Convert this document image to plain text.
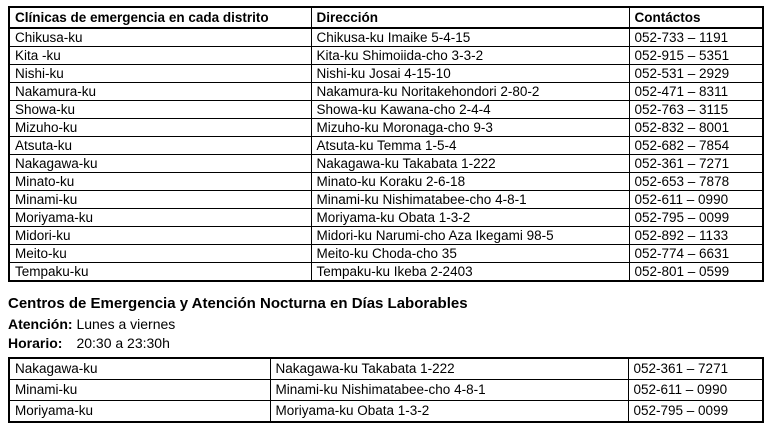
Clínicas de emergencia en cada distrito	Dirección	Contáctos
Chikusa-ku	Chikusa-ku Imaike 5-4-15	052-733 – 1191
Kita -ku	Kita-ku Shimoiida-cho 3-3-2	052-915 – 5351
Nishi-ku	Nishi-ku Josai 4-15-10	052-531 – 2929
Nakamura-ku	Nakamura-ku Noritakehondori 2-80-2	052-471 – 8311
Showa-ku	Showa-ku Kawana-cho 2-4-4	052-763 – 3115
Mizuho-ku	Mizuho-ku Moronaga-cho 9-3	052-832 – 8001
Atsuta-ku	Atsuta-ku Temma 1-5-4	052-682 – 7854
Nakagawa-ku	Nakagawa-ku Takabata 1-222	052-361 – 7271
Minato-ku	Minato-ku Koraku 2-6-18	052-653 – 7878
Minami-ku	Minami-ku Nishimatabee-cho 4-8-1	052-611 – 0990
Moriyama-ku	Moriyama-ku Obata 1-3-2	052-795 – 0099
Midori-ku	Midori-ku Narumi-cho Aza Ikegami 98-5	052-892 – 1133
Meito-ku	Meito-ku Choda-cho 35	052-774 – 6631
Tempaku-ku	Tempaku-ku Ikeba 2-2403	052-801 – 0599
Centros de Emergencia y Atención Nocturna en Días Laborables
Atención: Lunes a viernes
Horario: 20:30 a 23:30h
Nakagawa-ku	Nakagawa-ku Takabata 1-222	052-361 – 7271
Minami-ku	Minami-ku Nishimatabee-cho 4-8-1	052-611 – 0990
Moriyama-ku	Moriyama-ku Obata 1-3-2	052-795 – 0099
